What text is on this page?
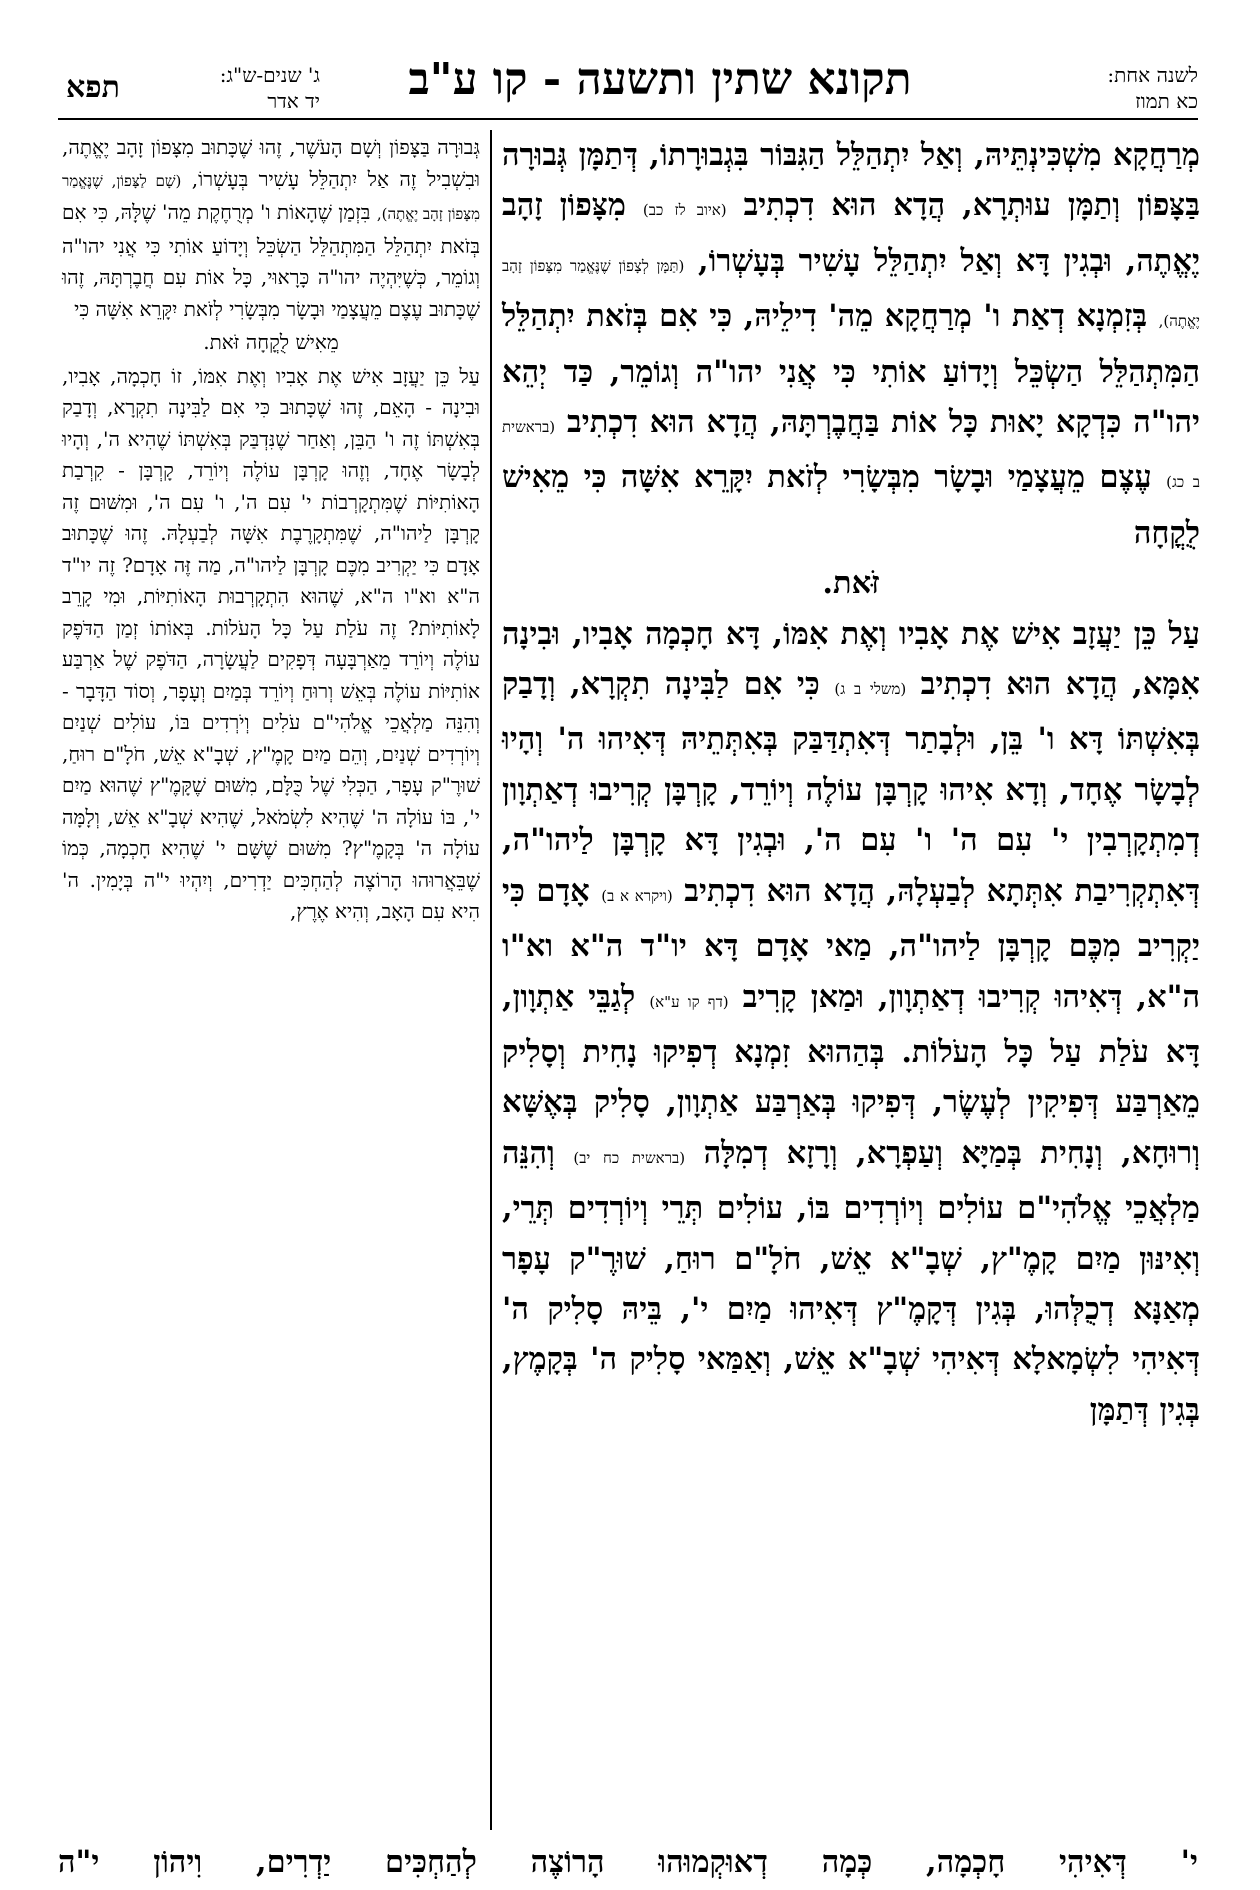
תפא	ג' שנים-ש"ג:
יד אדר	תקונא שתין ותשעה - קו ע"ב	לשנה אחת:
כא תמוז

מְרַחֲקָא מִשְׁכִּינְתֵּיהּ, וְאַל יִתְהַלֵּל הַגִּבּוֹר בִּגְבוּרָתוֹ, דְּתַמָּן גְּבוּרָה בַּצָּפוֹן וְתַמָּן עוּתְרָא, הֲדָא הוּא דִכְתִיב (איוב לז כב) מִצָּפוֹן זָהָב יֶאֱתֶה, וּבְגִין דָּא וְאַל יִתְהַלֵּל עָשִׁיר בְּעָשְׁרוֹ, (תַּמָּן לְצָפוֹן שֶׁנֶּאֱמַר מִצָּפוֹן זָהָב יֶאֱתֶה), בְּזִמְנָא דְאַת ו' מְרַחֲקָא מֵה' דִילֵיהּ, כִּי אִם בְּזֹאת יִתְהַלֵּל הַמִּתְהַלֵּל הַשְׂכֵּל וְיָדוֹעַ אוֹתִי כִּי אֲנִי יהו"ה וְגוֹמֵר, כַּד יְהֵא יהו"ה כִּדְקָא יָאוּת כָּל אוֹת בַּחֲבֶרְתָּהּ, הֲדָא הוּא דִכְתִיב (בראשית ב כג) עֶצֶם מֵעֲצָמַי וּבָשָׂר מִבְּשָׂרִי לְזֹאת יִקָּרֵא אִשָּׁה כִּי מֵאִישׁ לֻקֳחָה

זֹּאת.

עַל כֵּן יַעֲזָב אִישׁ אֶת אָבִיו וְאֶת אִמּוֹ, דָּא חָכְמָה אָבִיו, וּבִינָה אִמָּא, הֲדָא הוּא דִכְתִיב (משלי ב ג) כִּי אִם לַבִּינָה תִקְרָא, וְדָבַק בְּאִשְׁתּוֹ דָּא ו' בֵּן, וּלְבָתַר דְּאִתְדַּבַּק בְּאִתְּתֵיהּ דְּאִיהוּ ה' וְהָיוּ לְבָשָׂר אֶחָד, וְדָא אִיהוּ קָרְבָּן עוֹלֶה וְיוֹרֵד, קָרְבָּן קְרִיבוּ דְאַתְוָון דְמִתְקָרְבִין י' עִם ה' ו' עִם ה', וּבְגִין דָּא קָרְבָּן לַיהו"ה, דְּאִתְקְרִיבַת אִתְּתָא לְבַעְלָהּ, הֲדָא הוּא דִכְתִיב (ויקרא א ב) אָדָם כִּי יַקְרִיב מִכֶּם קָרְבָּן לַיהו"ה, מַאי אָדָם דָּא יו"ד ה"א וא"ו ה"א, דְּאִיהוּ קְרִיבוּ דְאַתְוָון, וּמַאן קָרִיב (דף קו ע"א) לְגַבֵּי אַתְוָון, דָּא עֹלַת עַל כָּל הָעֹלוֹת. בְּהַהוּא זִמְנָא דְפִיקוּ נָחִית וְסָלִיק מֵאַרְבַּע דְּפִיקִין לְעֶשֶׂר, דְּפִיקוּ בְּאַרְבַּע אַתְוָון, סָלִיק בְּאֶשָּׁא וְרוּחָא, וְנָחִית בְּמַיָּא וְעַפְרָא, וְרָזָא דְמִלָּה (בראשית כח יב) וְהִנֵּה מַלְאֲכֵי אֱלֹהִי"ם עוֹלִים וְיוֹרְדִים בּוֹ, עוֹלִים תְּרֵי וְיוֹרְדִים תְּרֵי, וְאִינּוּן מַיִם קָמֶ"ץ, שְׁבָ"א אֵשׁ, חֹלָ"ם רוּחַ, שׁוּרֶ"ק עָפָר מְאַנָּא דְכֻלְּהוּ, בְּגִין דְּקָמֶ"ץ דְּאִיהוּ מַיִם י', בֵּיהּ סָלִיק ה' דְּאִיהִי לִשְׂמָאלָא דְּאִיהִי שְׁבָ"א אֵשׁ, וְאַמַּאי סָלִיק ה' בְּקָמֶץ, בְּגִין דְּתַמָּן

גְּבוּרָה בַּצָּפוֹן וְשָׁם הָעֹשֶׁר, זֶהוּ שֶׁכָּתוּב מִצָּפוֹן זָהָב יֶאֱתֶה, וּבִשְׁבִיל זֶה אַל יִתְהַלֵּל עָשִׁיר בְּעָשְׁרוֹ, (שָׁם לַצָּפוֹן, שֶׁנֶּאֱמַר מִצָּפוֹן זָהָב יֶאֱתֶה), בִּזְמַן שֶׁהָאוֹת ו' מְרֻחֶקֶת מֵה' שֶׁלָּהּ, כִּי אִם בְּזֹאת יִתְהַלֵּל הַמִּתְהַלֵּל הַשְׂכֵּל וְיָדוֹעַ אוֹתִי כִּי אֲנִי יהו"ה וְגוֹמֵר, כְּשֶׁיִּהְיֶה יהו"ה כָּרָאוּי, כָּל אוֹת עִם חֲבֶרְתָּהּ, זֶהוּ שֶׁכָּתוּב עֶצֶם מֵעֲצָמַי וּבָשָׂר מִבְּשָׂרִי לְזֹאת יִקָּרֵא אִשָּׁה כִּי

מֵאִישׁ לֻקֳחָה זֹּאת.

עַל כֵּן יַעֲזָב אִישׁ אֶת אָבִיו וְאֶת אִמּוֹ, זוֹ חָכְמָה, אָבִיו, וּבִינָה - הָאֵם, זֶהוּ שֶׁכָּתוּב כִּי אִם לַבִּינָה תִקְרָא, וְדָבַק בְּאִשְׁתּוֹ זֶה ו' הַבֵּן, וְאַחַר שֶׁנִּדְבַּק בְּאִשְׁתּוֹ שֶׁהִיא ה', וְהָיוּ לְבָשָׂר אֶחָד, וְזֶהוּ קָרְבָּן עוֹלֶה וְיוֹרֵד, קָרְבָּן - קִרְבַת הָאוֹתִיּוֹת שֶׁמִּתְקָרְבוֹת י' עִם ה', ו' עִם ה', וּמִשּׁוּם זֶה קָרְבָּן לַיהו"ה, שֶׁמִּתְקָרֶבֶת אִשָּׁה לְבַעְלָהּ. זֶהוּ שֶׁכָּתוּב אָדָם כִּי יַקְרִיב מִכֶּם קָרְבָּן לַיהו"ה, מַה זֶּה אָדָם? זֶה יו"ד ה"א וא"ו ה"א, שֶׁהוּא הִתְקָרְבוּת הָאוֹתִיּוֹת, וּמִי קָרֵב לָאוֹתִיּוֹת? זֶה עֹלַת עַל כָּל הָעֹלוֹת. בְּאוֹתוֹ זְמַן הַדֹּפֶק עוֹלֶה וְיוֹרֵד מֵאַרְבָּעָה דְּפָקִים לַעֲשָׂרָה, הַדֹּפֶק שֶׁל אַרְבַּע אוֹתִיּוֹת עוֹלֶה בְּאֵשׁ וְרוּחַ וְיוֹרֵד בְּמַיִם וְעָפָר, וְסוֹד הַדָּבָר - וְהִנֵּה מַלְאֲכֵי אֱלֹהִי"ם עֹלִים וְיֹרְדִים בּוֹ, עוֹלִים שְׁנַיִם וְיוֹרְדִים שְׁנַיִם, וְהֵם מַיִם קָמֶ"ץ, שְׁבָ"א אֵשׁ, חֹלָ"ם רוּחַ, שׁוּרֶ"ק עָפָר, הַכְּלִי שֶׁל כֻּלָּם, מִשּׁוּם שֶׁקָּמֶ"ץ שֶׁהוּא מַיִם י', בּוֹ עוֹלָה ה' שֶׁהִיא לִשְׂמֹאל, שֶׁהִיא שְׁבָ"א אֵשׁ, וְלָמָּה עוֹלָה ה' בְּקָמֶ"ץ? מִשּׁוּם שֶׁשָּׁם י' שֶׁהִיא חָכְמָה, כְּמוֹ שֶׁבֵּאֲרוּהוּ הָרוֹצֶה לְהַחְכִּים יַדְרִים, וְיִהְיוּ י"ה בְּיָמִין. ה' הִיא עִם הָאָב, וְהִיא אֶרֶץ,

י' דְּאִיהִי חָכְמָה, כְּמָה דְאוּקְמוּהוּ הָרוֹצֶה לְהַחְכִּים יַדְרִים, וִיהוֹן י"ה
